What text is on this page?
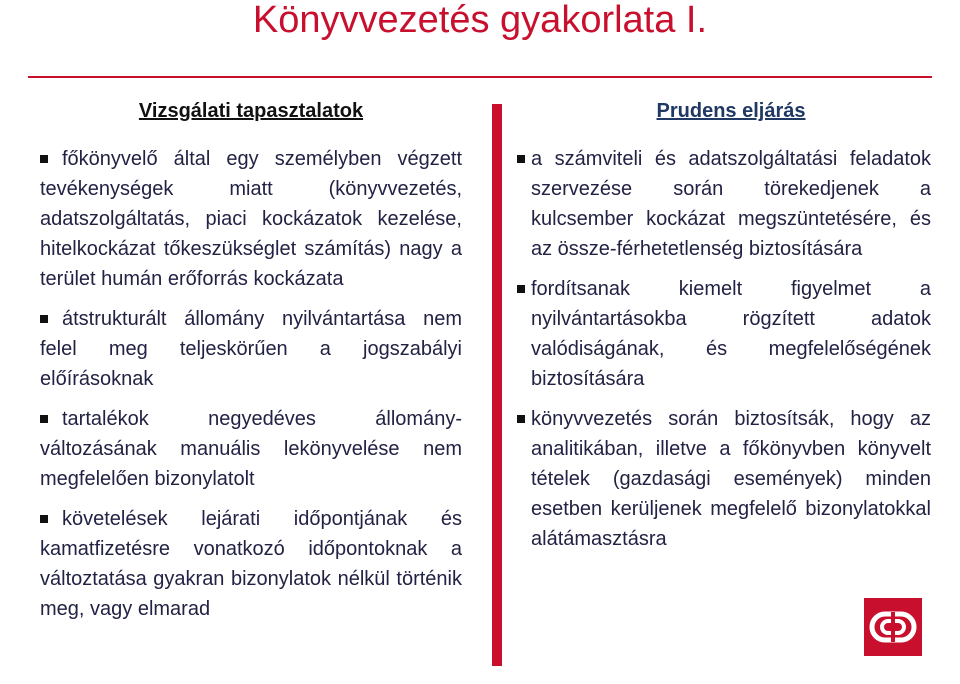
Könyvvezetés gyakorlata I.
Vizsgálati tapasztalatok
főkönyvelő által egy személyben végzett tevékenységek miatt (könyvvezetés, adatszolgáltatás, piaci kockázatok kezelése, hitelkockázat tőkeszükséglet számítás) nagy a terület humán erőforrás kockázata
átstrukturált állomány nyilvántartása nem felel meg teljeskörűen a jogszabályi előírásoknak
tartalékok negyedéves állomány-változásának manuális lekönyvelése nem megfelelően bizonylatolt
követelések lejárati időpontjának és kamatfizetésre vonatkozó időpontoknak a változtatása gyakran bizonylatok nélkül történik meg, vagy elmarad
Prudens eljárás
a számviteli és adatszolgáltatási feladatok szervezése során törekedjenek a kulcsember kockázat megszüntetésére, és az össze-férhetetlenség biztosítására
fordítsanak kiemelt figyelmet a nyilvántartásokba rögzített adatok valódiságának, és megfelelőségének biztosítására
könyvvezetés során biztosítsák, hogy az analitikában, illetve a főkönyvben könyvelt tételek (gazdasági események) minden esetben kerüljenek megfelelő bizonylatokkal alátámasztásra
